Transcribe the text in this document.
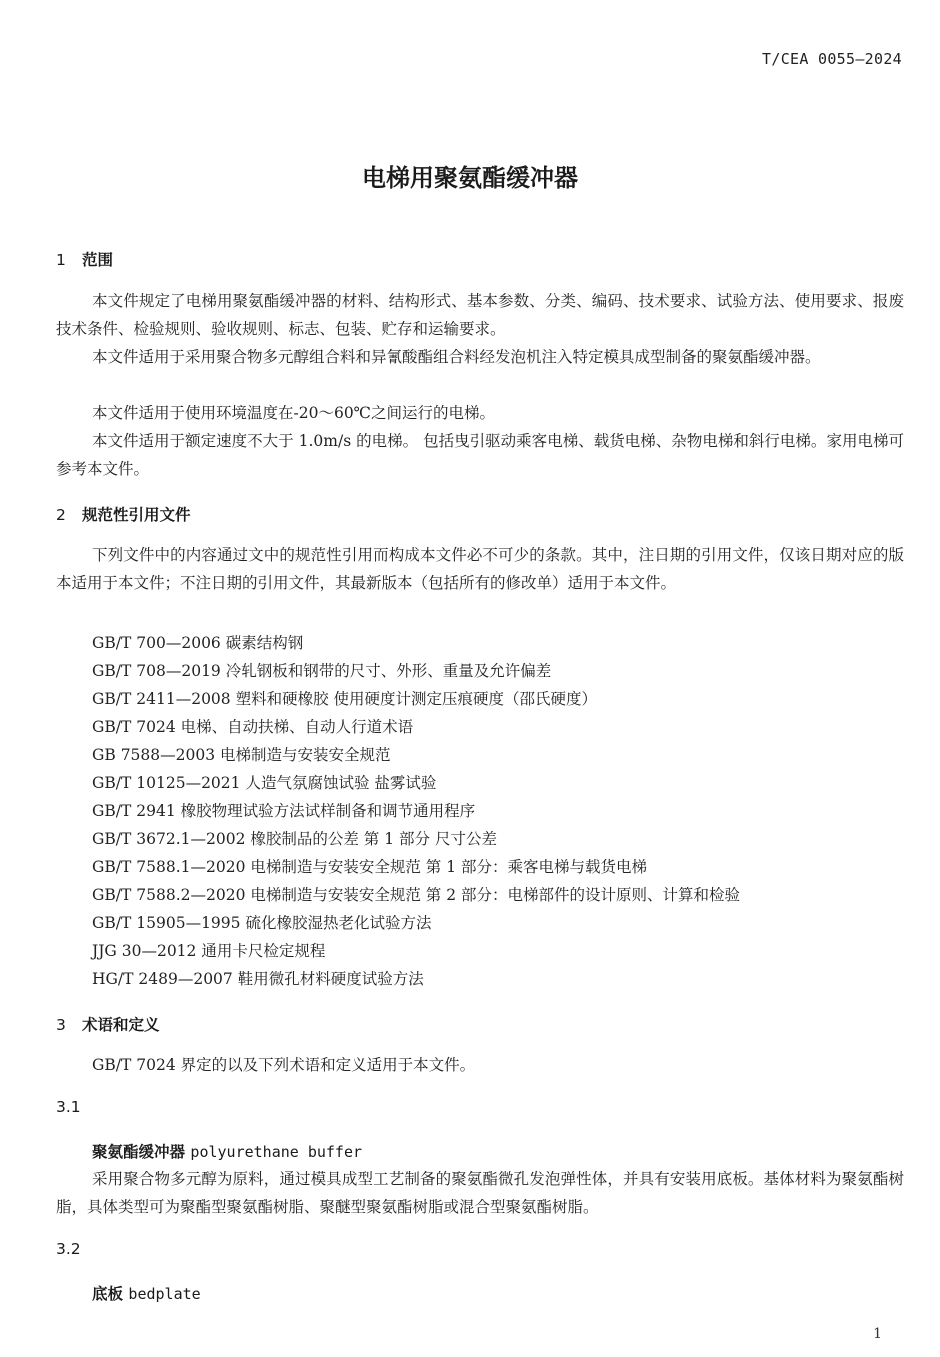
T/CEA 0055—2024
电梯用聚氨酯缓冲器
1 范围

本文件规定了电梯用聚氨酯缓冲器的材料、结构形式、基本参数、分类、编码、技术要求、试验方法、使用要求、报废技术条件、检验规则、验收规则、标志、包装、贮存和运输要求。

本文件适用于采用聚合物多元醇组合料和异氰酸酯组合料经发泡机注入特定模具成型制备的聚氨酯缓冲器。

本文件适用于使用环境温度在-20～60℃之间运行的电梯。

本文件适用于额定速度不大于 1.0m/s 的电梯。 包括曳引驱动乘客电梯、载货电梯、杂物电梯和斜行电梯。家用电梯可参考本文件。

2 规范性引用文件

下列文件中的内容通过文中的规范性引用而构成本文件必不可少的条款。其中，注日期的引用文件，仅该日期对应的版本适用于本文件；不注日期的引用文件，其最新版本（包括所有的修改单）适用于本文件。

GB/T 700—2006 碳素结构钢
GB/T 708—2019 冷轧钢板和钢带的尺寸、外形、重量及允许偏差
GB/T 2411—2008 塑料和硬橡胶 使用硬度计测定压痕硬度（邵氏硬度）
GB/T 7024 电梯、自动扶梯、自动人行道术语
GB 7588—2003 电梯制造与安装安全规范
GB/T 10125—2021 人造气氛腐蚀试验 盐雾试验
GB/T 2941 橡胶物理试验方法试样制备和调节通用程序
GB/T 3672.1—2002 橡胶制品的公差 第 1 部分 尺寸公差
GB/T 7588.1—2020 电梯制造与安装安全规范 第 1 部分：乘客电梯与载货电梯
GB/T 7588.2—2020 电梯制造与安装安全规范 第 2 部分：电梯部件的设计原则、计算和检验
GB/T 15905—1995 硫化橡胶湿热老化试验方法
JJG 30—2012 通用卡尺检定规程
HG/T 2489—2007 鞋用微孔材料硬度试验方法
3 术语和定义

GB/T 7024 界定的以及下列术语和定义适用于本文件。

3.1
聚氨酯缓冲器 polyurethane buffer

采用聚合物多元醇为原料，通过模具成型工艺制备的聚氨酯微孔发泡弹性体，并具有安装用底板。基体材料为聚氨酯树脂，具体类型可为聚酯型聚氨酯树脂、聚醚型聚氨酯树脂或混合型聚氨酯树脂。

3.2
底板 bedplate
1
